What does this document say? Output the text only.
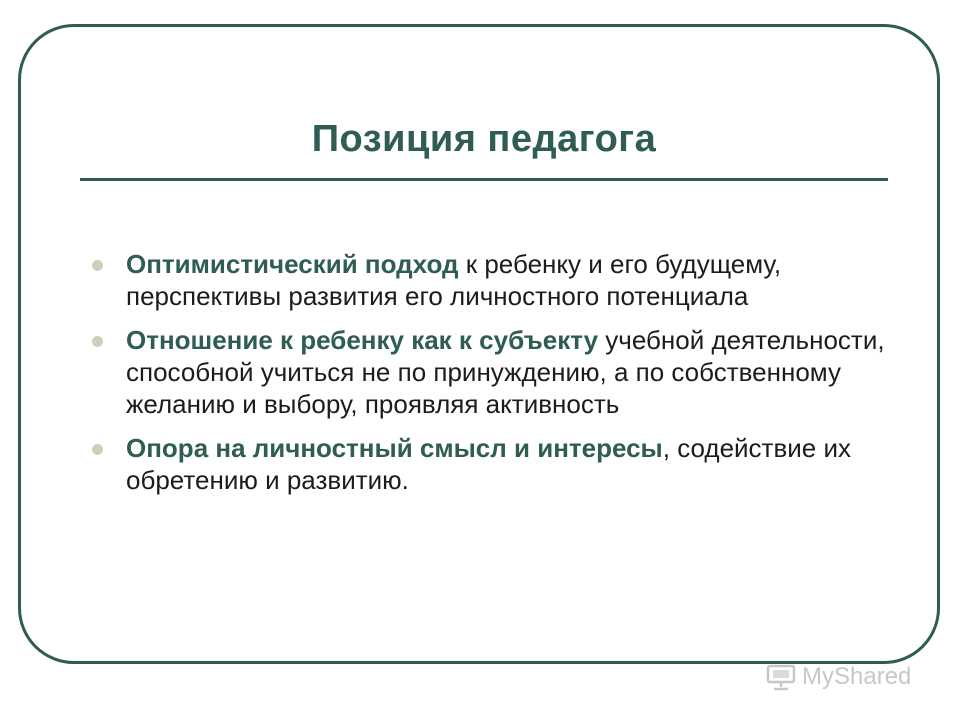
Позиция педагога
Оптимистический подход к ребенку и его будущему, перспективы развития его личностного потенциала
Отношение к ребенку как к субъекту учебной деятельности, способной учиться не по принуждению, а по собственному желанию и выбору, проявляя активность
Опора на личностный смысл и интересы, содействие их обретению и развитию.
MyShared
